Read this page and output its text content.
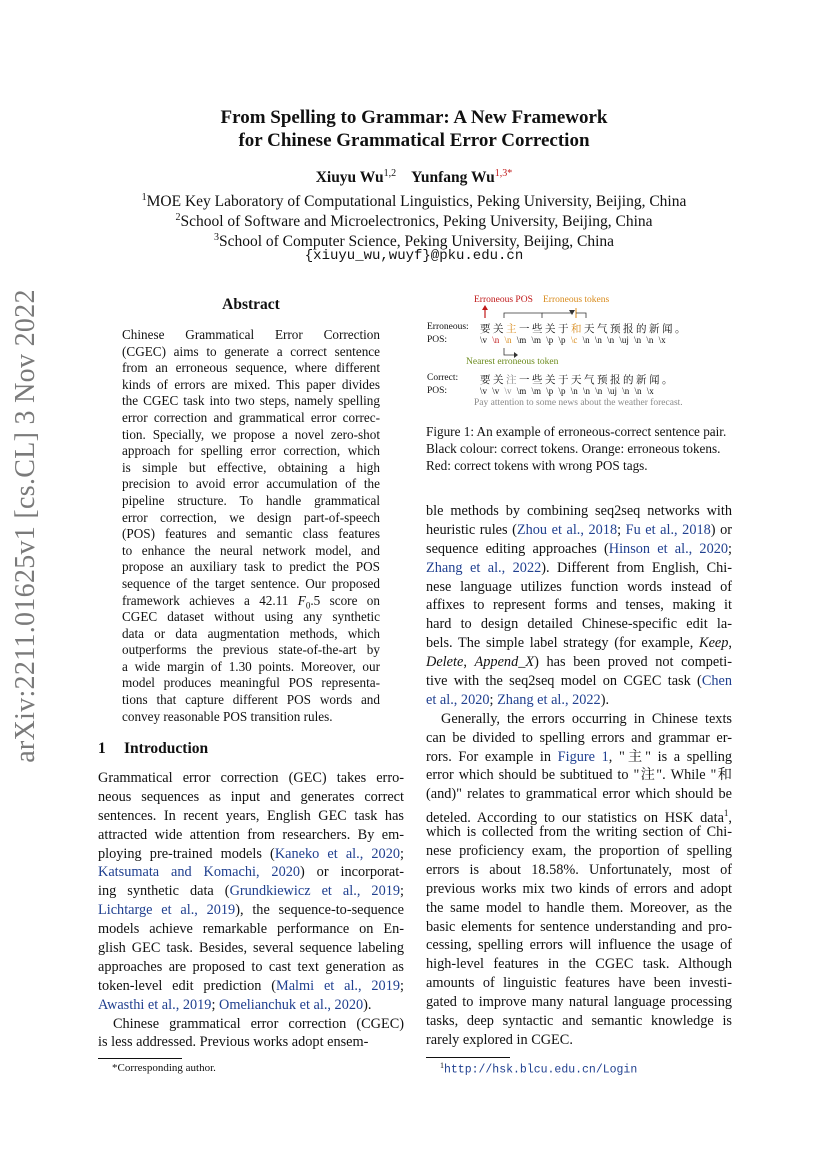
From Spelling to Grammar: A New Framework
for Chinese Grammatical Error Correction
Xiuyu Wu$^{1,2}$ Yunfang $Wu^{1,3*}$
$^1$MOE Key Laboratory of Computational Linguistics, Peking University, Beijing, China
$^2$School of Software and Microelectronics, Peking University, Beijing, China
$^3$School of Computer Science, Peking University, Beijing, China
{xiuyu_wu,wuyf}@pku.edu.cn
arXiv:2211.01625v1 [cs.CL] 3 Nov 2022	Abstract
Chinese Grammatical Error Correction
(CGEC) aims to generate a correct sentence
from an erroneous sequence, where different
kinds of errors are mixed. This paper divides
the CGEC task into two steps, namely spelling
error correction and grammatical error correc-
tion. Specially, we propose a novel zero-shot
approach for spelling error correction, which
is simple but effective, obtaining a high
precision to avoid error accumulation of the
pipeline structure. To handle grammatical
error correction, we design part-of-speech
(POS) features and semantic class features
to enhance the neural network model, and
propose an auxiliary task to predict the POS
sequence of the target sentence. Our proposed
framework achieves a 42.11 $F_0.5$ score on
CGEC dataset without using any synthetic
data or data augmentation methods, which
outperforms the previous state-of-the-art by
a wide margin of 1.30 points. Moreover, our
model produces meaningful POS representa-
tions that capture different POS words and
convey reasonable POS transition rules.
1 Introduction
Grammatical error correction (GEC) takes erro-
neous sequences as input and generates correct
sentences. In recent years, English GEC task has
attracted wide attention from researchers. By em-
ploying pre-trained models (Kaneko et al., 2020;
Katsumata and Komachi, 2020) or incorporat-
ing synthetic data (Grundkiewicz et al., 2019;
Lichtarge et al., 2019), the sequence-to-sequence
models achieve remarkable performance on En-
glish GEC task. Besides, several sequence labeling
approaches are proposed to cast text generation as
token-level edit prediction (Malmi et al., 2019;
Awasthi et al., 2019; Omelianchuk et al., 2020).
Chinese grammatical error correction (CGEC)
is less addressed. Previous works adopt ensem-
*Corresponding author.
Erroneous POS Erroneous tokens
Erroneous: 要关主一些关于和天气预报的新闻。
POS:	\v \n \n \m \m \p \p \c \n \n \n \uj \n \n \x
Nearest erroneous token
Correct: 要关注一些关于天气预报的新闻。
POS:	\v \v \v \m \m \p \p \n \n \n \uj \n \n \x
Pay attention to some news about the weather forecast.
Figure 1: An example of erroneous-correct sentence pair. Black colour: correct tokens. Orange: erroneous tokens. Red: correct tokens with wrong POS tags.
ble methods by combining seq2seq networks with
heuristic rules (Zhou et al., 2018; Fu et al., 2018) or
sequence editing approaches (Hinson et al., 2020;
Zhang et al., 2022). Different from English, Chi-
nese language utilizes function words instead of
affixes to represent forms and tenses, making it
hard to design detailed Chinese-specific edit la-
bels. The simple label strategy (for example, Keep,
Delete, Append_X) has been proved not competi-
tive with the seq2seq model on CGEC task (Chen
et al., 2020; Zhang et al., 2022).
Generally, the errors occurring in Chinese texts
can be divided to spelling errors and grammar er-
rors. For example in Figure 1, "主" is a spelling
error which should be subtitued to "注". While "和
(and)" relates to grammatical error which should be
deteled. According to our statistics on HSK data$^1$,
which is collected from the writing section of Chi-
nese proficiency exam, the proportion of spelling
errors is about 18.58%. Unfortunately, most of
previous works mix two kinds of errors and adopt
the same model to handle them. Moreover, as the
basic elements for sentence understanding and pro-
cessing, spelling errors will influence the usage of
high-level features in the CGEC task. Although
amounts of linguistic features have been investi-
gated to improve many natural language processing
tasks, deep syntactic and semantic knowledge is
rarely explored in CGEC.
$^1$http://hsk.blcu.edu.cn/Login
